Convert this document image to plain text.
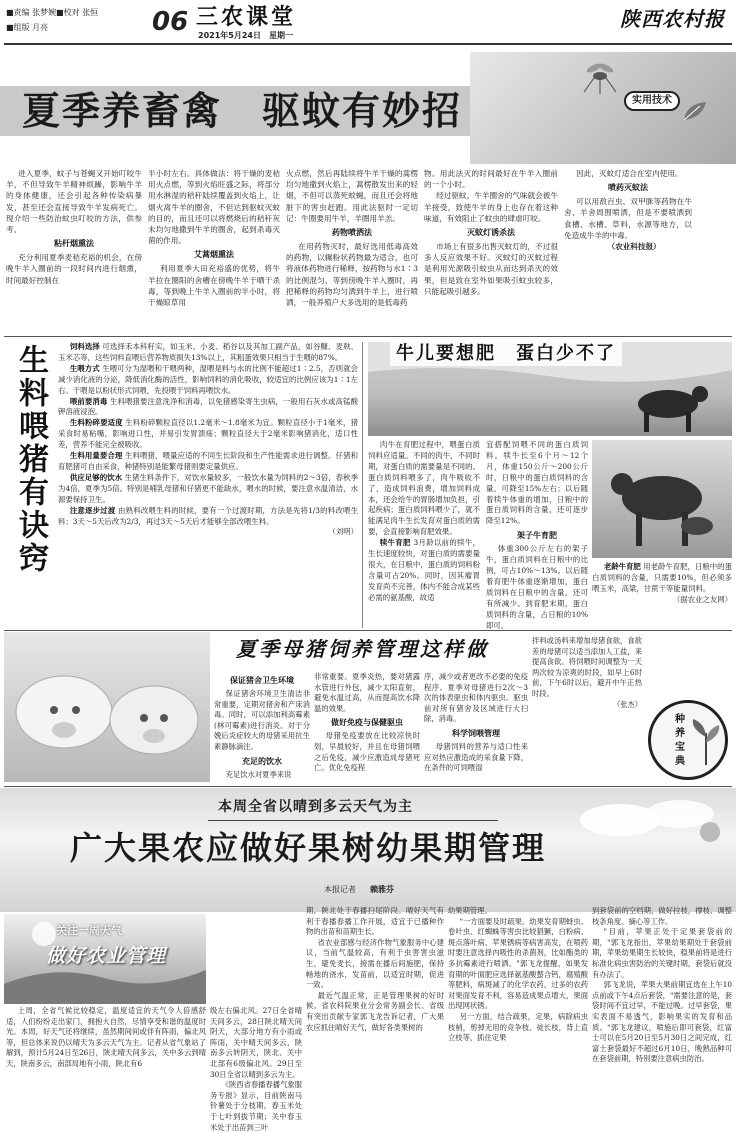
■责编 张梦婉 ■校对 张恒
■组版 月亮	06 三农课堂
2021年5月24日　星期一
陕西农村报
夏季养畜禽　驱蚊有妙招	实用技术

进入夏季，蚊子与苍蝇又开始叮咬牛羊，不但导致牛羊精神烦躁，影响牛羊的身体健康，还会引起各种传染病暴发，甚至还会直接导致牛羊发病死亡。现介绍一些防治蚊虫叮咬的方法，供参考。

粘杆烟熏法

充分利用夏季麦秸充裕的机会，在傍晚牛羊入圈前的一段时间内进行烟熏，时间最好控制在

半小时左右。具体做法：将干燥的麦秸用火点燃，等到火焰旺盛之际，将部分用水淋湿的秸秆陆续覆盖到火焰上，让烟火离牛羊的圈舍，不但达到驱蚊灭蚊的目的，而且还可以将燃烧后的秸秆灰未均匀地撒到牛羊的圈舍，起到杀毒灭菌的作用。

艾蒿烟熏法

利用夏季大田充裕盛的优势，将牛羊拉在圈阳的舍槽在傍晚牛羊于晒干杀毒，等到晚上牛羊入圈前的半小时，将干燥晾草用

火点燃，然后再陆续将牛羊干燥的蒿楞均匀地撒到火焰上，蒿楞散发出来的轻烟，不但可以蒸死蚊蝇，而且还会将地脏下的害虫赶跑。用此法驱时一定切记：牛圈要用牛羊，羊圈用羊羔。

药物喷洒法

在用药物灭时，最好选用低毒高效的药物，以辗粉状药物最为适合，也可将液体药物进行稀释，按药物与水1∶3的比例混匀，等到傍晚牛羊入圈时，再把稀释的药物均匀洒到牛羊上，进行喷洒，一般养殖户大多选用的是低毒药

物。用此法灭的时间最好在牛羊入圈前的一个小时。

经过驱蚊，牛羊圈舍的气味就会被牛羊接受，致使牛羊的身上也存在着这种味道，有效阻止了蚊虫的肆虐叮咬。

灭蚊灯诱杀法

市场上有很多出售灭蚊灯的，不过很多人反应效果不好。灭蚊灯的灭蚊过程是利用光源吸引蚊虫从而达到杀灭的效果，但是致在室外如果吸引蚊虫较多，只能起吸引越多。

因此，灭蚊灯适合在室内使用。

喷药灭蚊法

可以用敌百虫、双甲脒等药物在牛舍、羊舍周围喷洒，但是不要喷洒到食槽、水槽、草料，水源等地方，以免造成牛羊的中毒。

（农业科技报）

生料喂猪有诀窍	饲料选择 可选择禾本科籽实，如玉米、小麦、稻谷以及其加工副产品，如谷糠、麦麸、玉米芯等，这些饲料直喂后营养物质损失13%以上，其粗蛋效果只相当于生喂的87%。

生喂方式 生喂可分为湿喂和干喂两种，湿喂是料与水的比例不能超过1∶2.5，否则就会减少消化液的分泌，降低消化酶的活性，影响饲料的消化吸收，较适宜的比例应该为1∶1左右。干喂是以粉状形式饲喂，先投喂干饲料再喂饮水。

喂前要消毒 生料喂猪要注意洗净和消毒，以免猪感染寄生虫病，一般用石灰水或高锰酸钾溶液浸泡。

生料粉碎要适度 生料粉碎颗粒直径以1.2毫米～1.8毫米为宜。颗粒直径小于1毫米，猪采食时易粘嘴，影响进口性，并易引发胃溃疡；颗粒直径大于2毫米影响猪消化，适口性差，营养不能完全被吸收。

生料用量要合理 生料喂猪，喂量应适的不同生长阶段和生产性能需求进行调整。仔猪和育肥猪可自由采食，种猪特别是能繁母猪则要定量供应。

供应足够的饮水 生猪生料条件下，对饮水量较多，一般饮水量为饲料的2～3倍，春秋季为4倍，夏季为5倍。特别是哺乳母猪和仔猪更不能缺水，喂水的时候，要注意水温清洁，水源要保持卫生。

注意逐步过渡 由熟料改喂生料的时候，要有一个过渡时期，方法是先将1/3的料改喂生料；3天～5天后改为2/3，再过3天～5天后才能够全部改喂生料。

（刘明）

牛儿要想肥　蛋白少不了

肉牛在育肥过程中，喂蛋白质饲料应适量。不同的肉牛，不同时期，对蛋白质的需要量是不同的。蛋白质饲料喂多了，肉牛吸收不了，造成饲料浪费，增加饲料成本，还会给牛的胃肠增加负担，引起疾病；蛋白质饲料喂少了，就不能满足肉牛生长发育对蛋白质的需要，会直接影响育肥效果。

犊牛育肥 3月龄以前的犊牛，生长速度较快，对蛋白质的需要量很大，在日粮中，蛋白质的饲料粉含量可占20%。同时，因其瘤胃发育尚不完善，体内不能合成某些必需的氨基酸，故适

宜搭配饲喂不同的蛋白质饲料。犊牛长至6个月～12个月，体重150公斤～200公斤时，日粮中的蛋白质饲料的含量，可降至15%左右；以后随着犊牛体重的增加，日粮中的蛋白质饲料的含量，还可逐步降至12%。

架子牛育肥

体重300公斤左右的架子牛，蛋白质饲料在日粮中的比例，可占10%～13%。以后随着育肥牛体重逐渐增加，蛋白质饲料在日粮中的含量，还可有所减少。到育肥末期，蛋白质饲料的含量，占日粮的10%即可。

老龄牛育肥 用老龄牛育肥，日粮中的蛋白质饲料的含量，只需要10%，但必须多喂玉米，高粱，甘蔗干等能量饲料。

（据农业之友网）

夏季母猪饲养管理这样做
保证猪舍卫生环境

保证猪舍环境卫生清洁非常重要，定期对猪舍和产床消毒。同时，可以添加利高霉素(林可霉素)进行消炎。对于分娩后炎症较大的母猪采用抗生素静脉滴注。

充足的饮水

充足饮水对夏季来说

非常重要。夏季炎热，要对猪露水管进行外包，减少太阳直射，避免水温过高，从而提高饮水降温的效果。

做好免疫与保健驱虫

母猪免疫要放在比较凉快时划，早晨较好，并且在母猪饲喂之后免疫，减少应激造成母猪死亡。优化免疫程

序，减少或者更改不必要的免疫程序。夏季对母猪进行2次～3次的体表驱虫和体内驱虫。驱虫前对所有猪舍及区域进行大扫除，消毒。

科学饲喂管理

母猪饲料的营养与适口性来应对热应激造成的采食量下降，在条件的可饲喂湿

拌料或汤料来增加母猪食欲，食欲差的母猪可以适当添加人工盐，来提高食欲。将饲喂时间调整为一天两次较为凉爽的时段，如早上6时前，下午6时以后，避开中午正热时段。

（张杰）

种养宝典
本周全省以晴到多云天气为主
广大果农应做好果树幼果期管理
本报记者 赖雅芬
关注一周天气
做好农业管理

上周，全省气候比较稳定，温度适宜的天气令人倍感舒适，人们纷纷走出家门，拥抱大自然，尽情享受和谐的温度时光。本周，好天气还将继续，虽然期间间或伴有阵雨，偏北风等，但总体来说仍以晴天为多云天气为主。记者从省气象站了解到，预计5月24日至26日，陕北晴天间多云，关中多云到晴天，陕南多云，南部局地有小雨，陕北有6

级左右偏北风。27日全省晴天间多云，28日陕北晴天间阴天，大部分地方有小雨或阵雨，关中晴天间多云，陕南多云转阴天，陕北、关中北部有6级偏北风。29日至30日全省以晴到多云为主。

《陕西省春播春播气象服务专报》显示，目前陕南马铃薯处于分枝期，春玉米处于七叶到拔节期；关中春玉米处于出苗到三叶

期，陕北处于春播扫尾阶段。晴好天气有利于春播春播工作开展，适宜于已播种作物的出苗和苗期生长。

省农业部感与经济作物气象服务中心建议，当前气温较高，有利于虫害害虫滋生，避免麦长，接需在播后间施肥，保持畅地的浇水，发苗前，以适宜时期，促进一致。

最近气温正常，正是管理果树的好时候。省农科院果业分会常务副会长、省级有突出贡献专家郭飞龙告诉记者，广大果农应抓住晴好天气，做好各类果树的

幼果期管理。

"一方面要及时疏果。幼果发育期蚜虫、卷叶虫、红蜘蛛等害虫比较猖獗，白粉病、斑点落叶病、苹果锈病等病害高发，在喷药时要注意选择内吸性的杀菌剂，比如酯类的多抗霉素进行喷洒。"郭飞龙提醒，如果发育期的叶面肥应选择氨基酸螯合钙，腐殖酸等肥料，病斑减了的化学农药，过多的农药对果面发育不利，容易造成果点增大，果面出现网状锈。

另一方面，结合疏果，定果，病除病虫枝梢，剪掉无用的竞争枝、徒长枝，背上直立枝等，抓住定果

到套袋前的空档期，做好拉枝，撑枝、调整枝条角度、摘心等工作。

"目前，苹果正处于定果套袋前的期，"郭飞龙指出，苹果幼果期处于套袋前期，苹果幼果期生长较快，稳果前将是进行标准化病虫害防治的关键时期，套袋后就没有办法了。

郭飞龙说，苹果大果前期宜选在上午10点前或下午4点后套袋，"需要注意的是，套袋时间不宜过早，不能过晚。过早套袋，果实表面不易透气，影响果实的发育和品质。"郭飞龙建议，喷施后即可套袋，红富士可以在5月20日至5月30日之间完成，红富士套袋最好不超过6月10日，晚熟品种可在套袋前期，特别要注意病虫防治。
